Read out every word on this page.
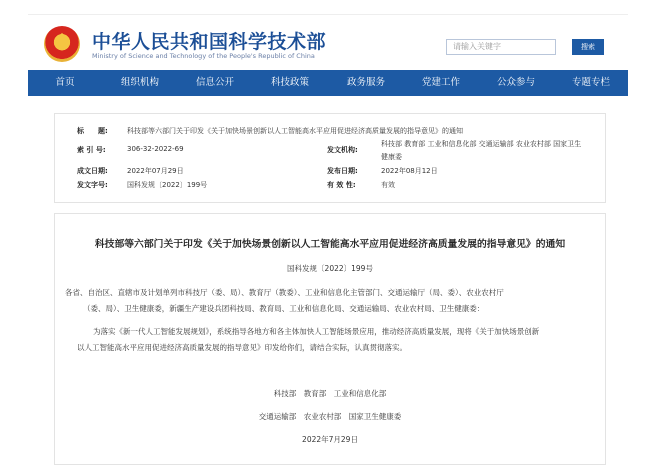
中华人民共和国科学技术部
Ministry of Science and Technology of the People's Republic of China
请输入关键字	搜索
首页	组织机构	信息公开	科技政策	政务服务	党建工作	公众参与	专题专栏
标　　题:	科技部等六部门关于印发《关于加快场景创新以人工智能高水平应用促进经济高质量发展的指导意见》的通知
索 引 号:	306-32-2022-69	发文机构:
科技部 教育部 工业和信息化部 交通运输部 农业农村部 国家卫生
健康委
成文日期:	2022年07月29日	发布日期:	2022年08月12日
发文字号:	国科发规〔2022〕199号	有 效 性:	有效
科技部等六部门关于印发《关于加快场景创新以人工智能高水平应用促进经济高质量发展的指导意见》的通知
国科发规〔2022〕199号
各省、自治区、直辖市及计划单列市科技厅（委、局）、教育厅（教委）、工业和信息化主管部门、交通运输厅（局、委）、农业农村厅
（委、局）、卫生健康委，新疆生产建设兵团科技局、教育局、工业和信息化局、交通运输局、农业农村局、卫生健康委：
为落实《新一代人工智能发展规划》，系统指导各地方和各主体加快人工智能场景应用，推动经济高质量发展，现将《关于加快场景创新
以人工智能高水平应用促进经济高质量发展的指导意见》印发给你们，请结合实际，认真贯彻落实。
科技部　教育部　工业和信息化部
交通运输部　农业农村部　国家卫生健康委
2022年7月29日
